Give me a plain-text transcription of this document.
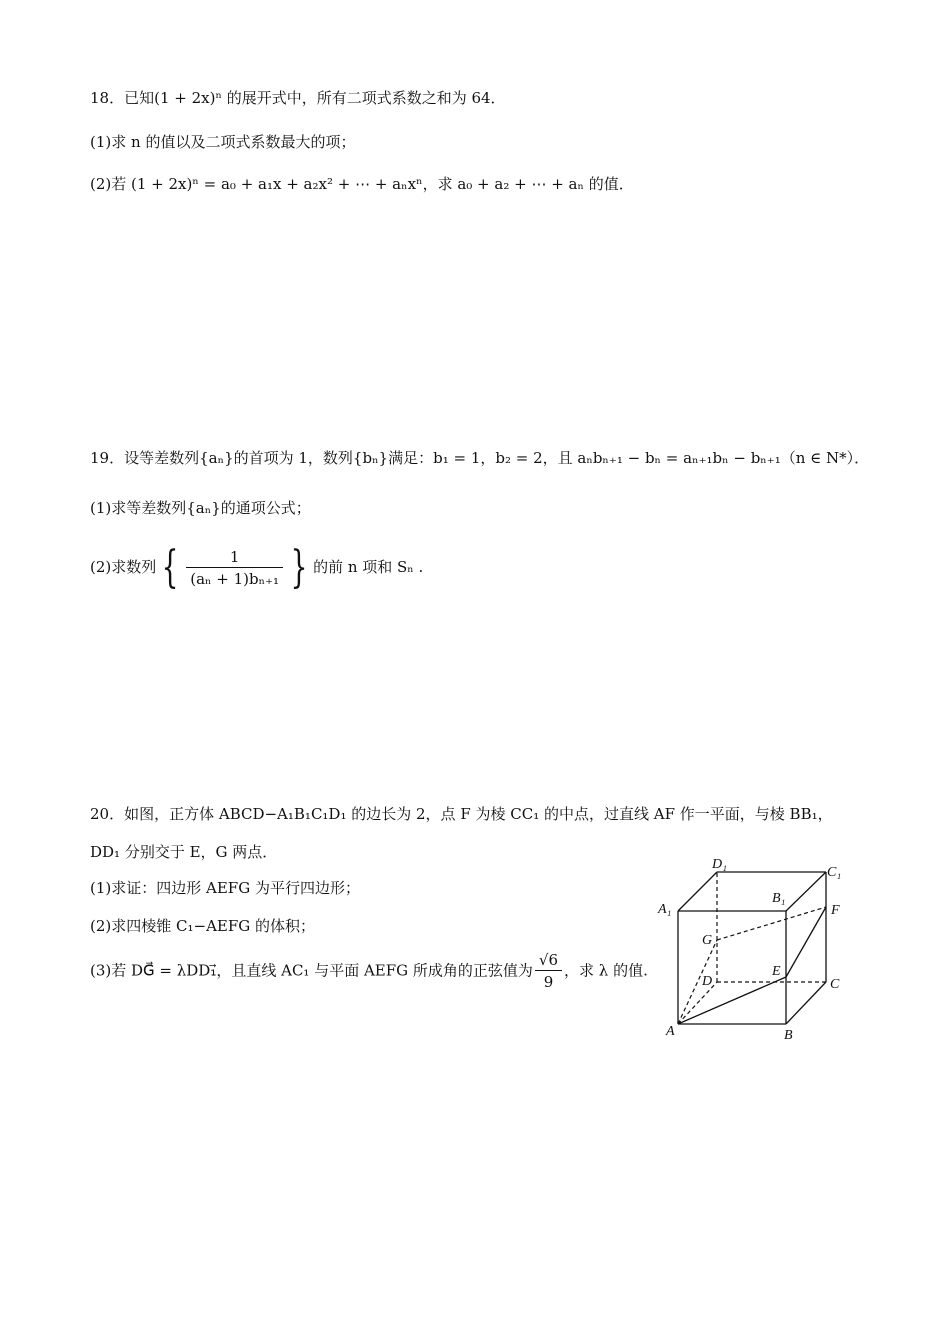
18．已知(1 + 2x)ⁿ 的展开式中，所有二项式系数之和为 64．
(1)求 n 的值以及二项式系数最大的项；
(2)若 (1 + 2x)ⁿ = a₀ + a₁x + a₂x² + ⋯ + aₙxⁿ，求 a₀ + a₂ + ⋯ + aₙ 的值．
19．设等差数列{aₙ}的首项为 1，数列{bₙ}满足：b₁ = 1，b₂ = 2，且 aₙbₙ₊₁ − bₙ = aₙ₊₁bₙ − bₙ₊₁（n ∈ N*）．
(1)求等差数列{aₙ}的通项公式；
(2)求数列 { $\frac{1}{\text{(aₙ + 1)bₙ₊₁}}$ } 的前 n 项和 Sₙ .
20．如图，正方体 ABCD−A₁B₁C₁D₁ 的边长为 2，点 F 为棱 CC₁ 的中点，过直线 AF 作一平面，与棱 BB₁，
DD₁ 分别交于 E，G 两点．
(1)求证：四边形 AEFG 为平行四边形；
(2)求四棱锥 C₁−AEFG 的体积；
(3)若 DG⃗ = λDD₁⃗，且直线 AC₁ 与平面 AEFG 所成角的正弦值为 $\frac{√6}{9}$ ，求 λ 的值.
A	B
C
D
A₁
B₁
C₁
D₁
E
F
G
